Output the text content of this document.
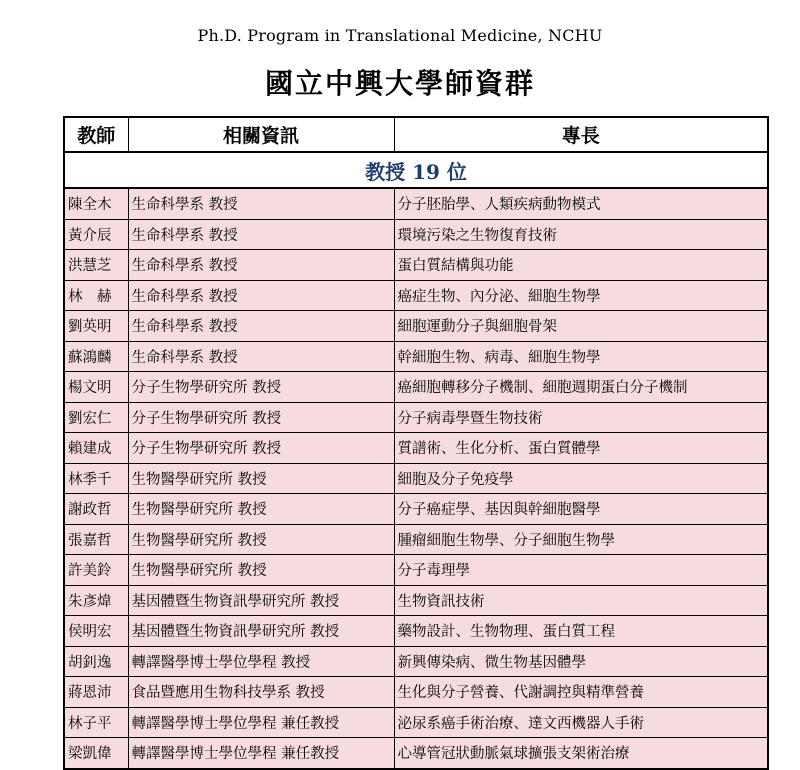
Ph.D. Program in Translational Medicine, NCHU
國立中興大學師資群
教師	相關資訊	專長
教授 19 位		
陳全木	生命科學系 教授	分子胚胎學、人類疾病動物模式
黃介辰	生命科學系 教授	環境污染之生物復育技術
洪慧芝	生命科學系 教授	蛋白質結構與功能
林　赫	生命科學系 教授	癌症生物、內分泌、細胞生物學
劉英明	生命科學系 教授	細胞運動分子與細胞骨架
蘇鴻麟	生命科學系 教授	幹細胞生物、病毒、細胞生物學
楊文明	分子生物學研究所 教授	癌細胞轉移分子機制、細胞週期蛋白分子機制
劉宏仁	分子生物學研究所 教授	分子病毒學暨生物技術
賴建成	分子生物學研究所 教授	質譜術、生化分析、蛋白質體學
林季千	生物醫學研究所 教授	細胞及分子免疫學
謝政哲	生物醫學研究所 教授	分子癌症學、基因與幹細胞醫學
張嘉哲	生物醫學研究所 教授	腫瘤細胞生物學、分子細胞生物學
許美鈴	生物醫學研究所 教授	分子毒理學
朱彥煒	基因體暨生物資訊學研究所 教授	生物資訊技術
侯明宏	基因體暨生物資訊學研究所 教授	藥物設計、生物物理、蛋白質工程
胡釗逸	轉譯醫學博士學位學程 教授	新興傳染病、微生物基因體學
蔣恩沛	食品暨應用生物科技學系 教授	生化與分子營養、代謝調控與精準營養
林子平	轉譯醫學博士學位學程 兼任教授	泌尿系癌手術治療、達文西機器人手術
梁凱偉	轉譯醫學博士學位學程 兼任教授	心導管冠狀動脈氣球擴張支架術治療
